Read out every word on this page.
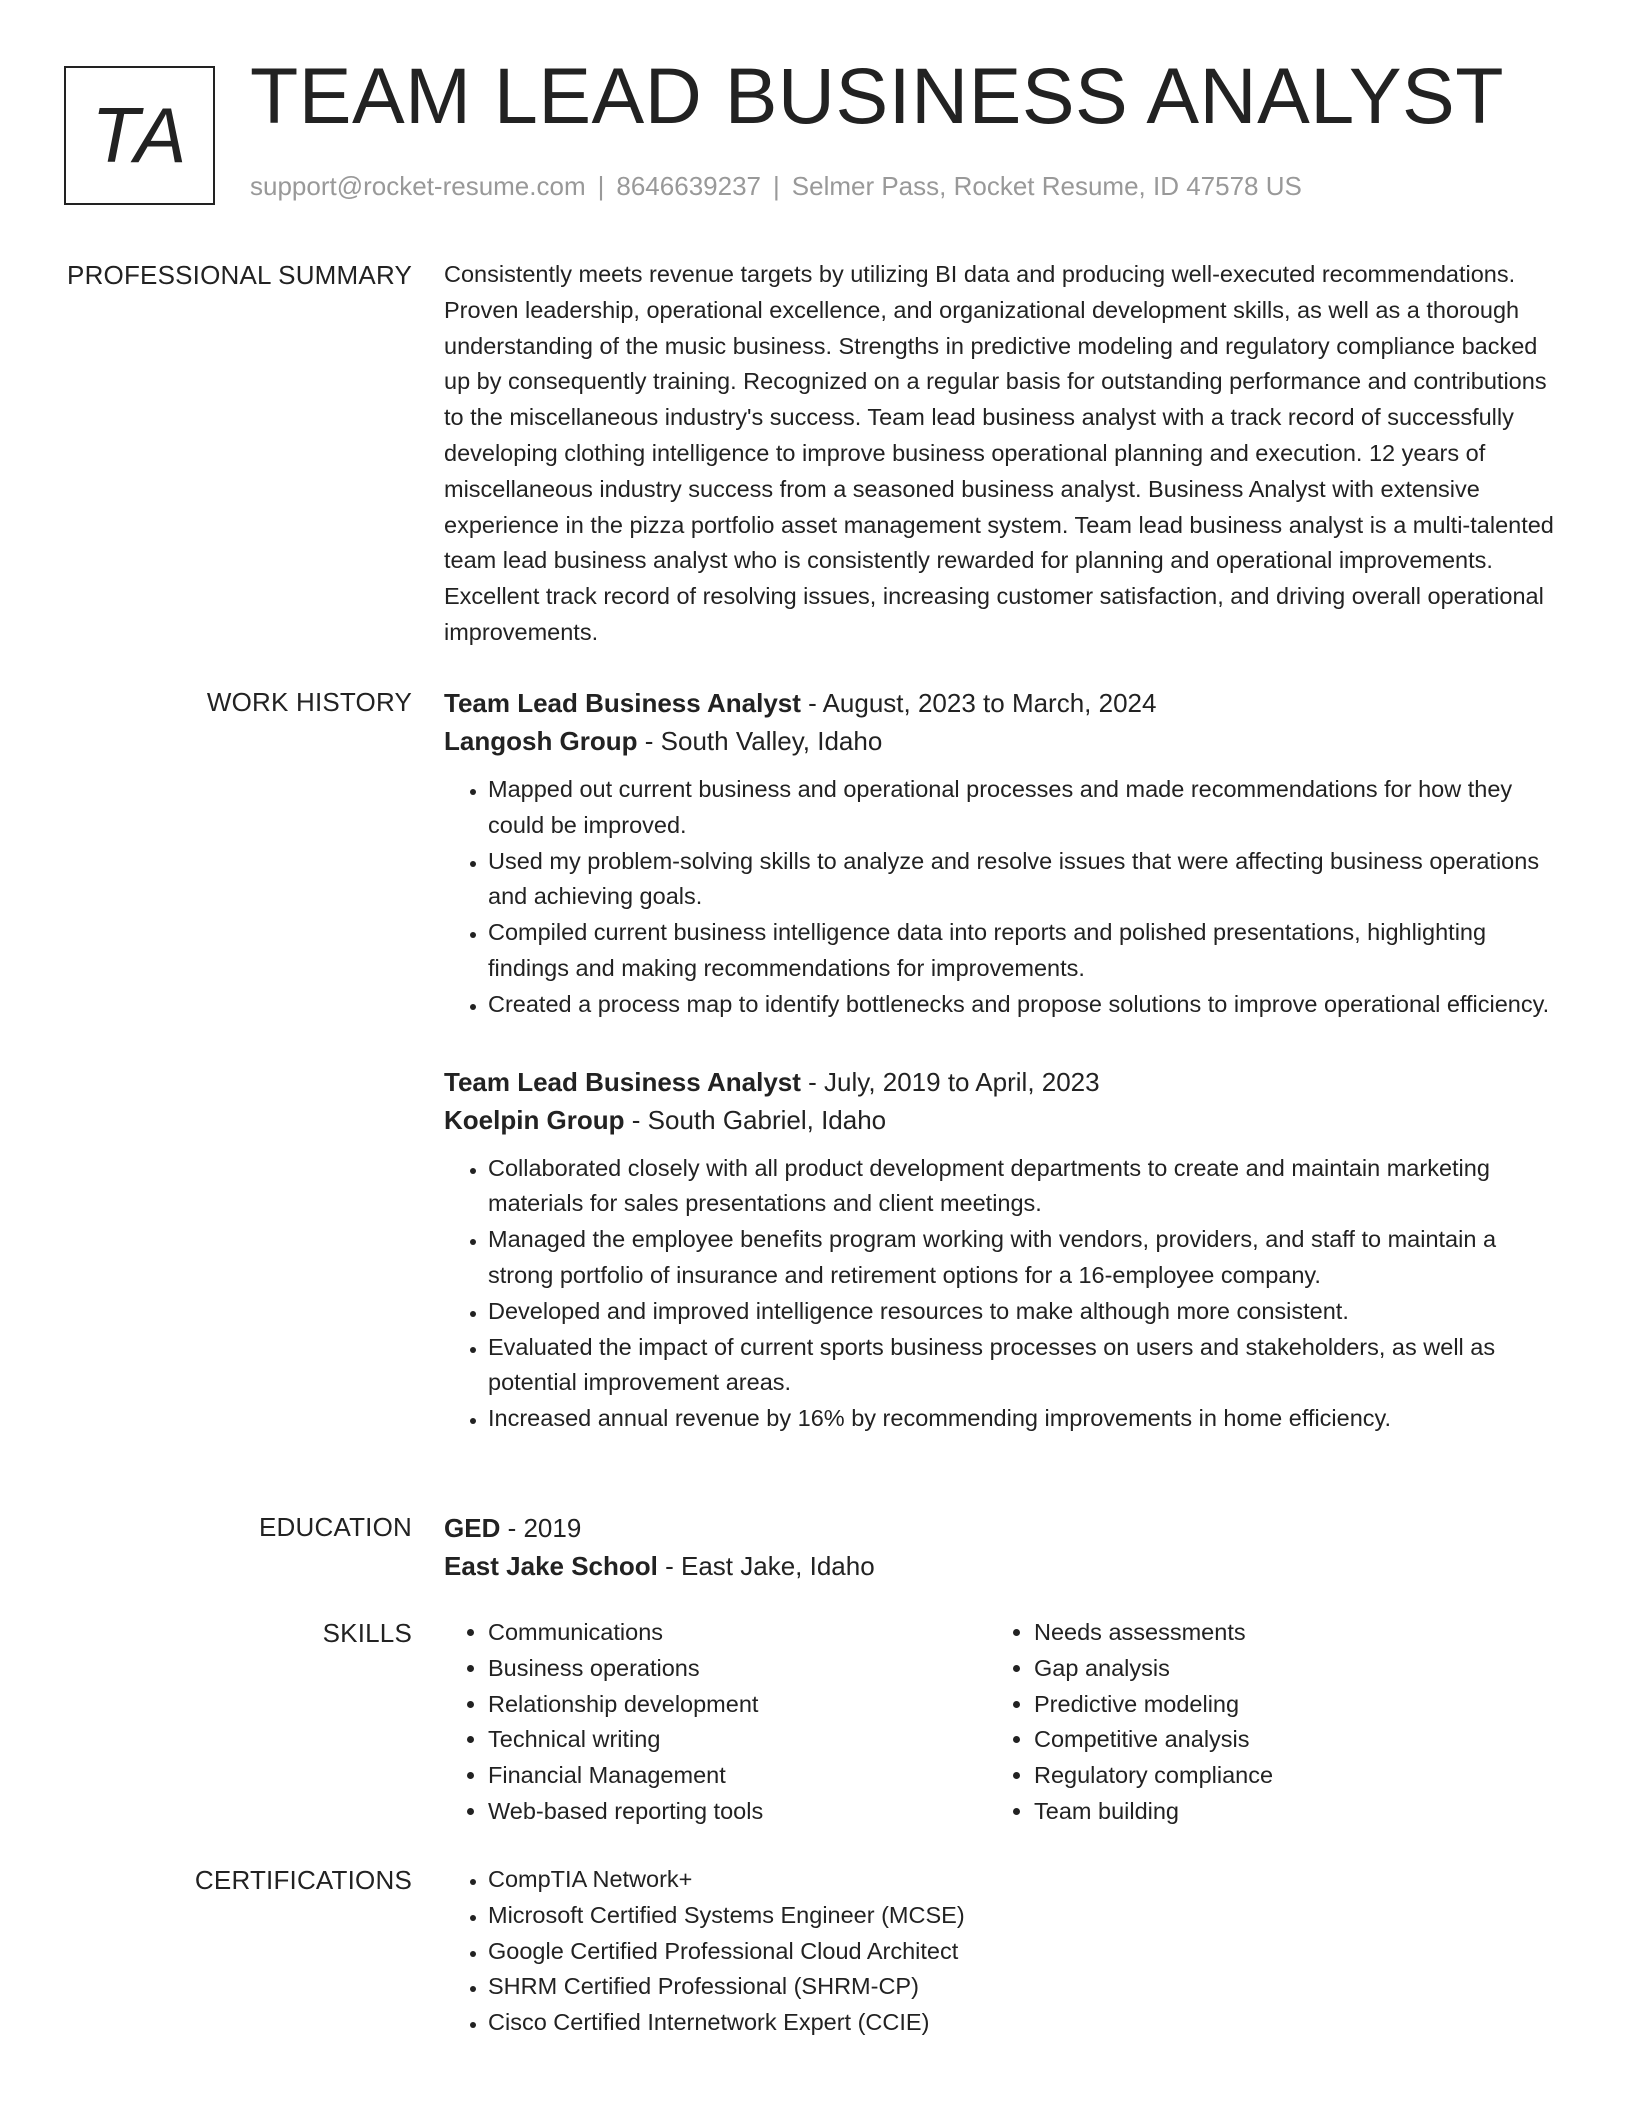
TA TEAM LEAD BUSINESS ANALYST
support@rocket-resume.com | 8646639237 | Selmer Pass, Rocket Resume, ID 47578 US
PROFESSIONAL SUMMARY Consistently meets revenue targets by utilizing BI data and producing well-executed recommendations. Proven leadership, operational excellence, and organizational development skills, as well as a thorough understanding of the music business. Strengths in predictive modeling and regulatory compliance backed up by consequently training. Recognized on a regular basis for outstanding performance and contributions to the miscellaneous industry's success. Team lead business analyst with a track record of successfully developing clothing intelligence to improve business operational planning and execution. 12 years of miscellaneous industry success from a seasoned business analyst. Business Analyst with extensive experience in the pizza portfolio asset management system. Team lead business analyst is a multi-talented team lead business analyst who is consistently rewarded for planning and operational improvements. Excellent track record of resolving issues, increasing customer satisfaction, and driving overall operational improvements.

WORK HISTORY Team Lead Business Analyst - August, 2023 to March, 2024
Langosh Group - South Valley, Idaho
• Mapped out current business and operational processes and made recommendations for how they could be improved.
• Used my problem-solving skills to analyze and resolve issues that were affecting business operations and achieving goals.
• Compiled current business intelligence data into reports and polished presentations, highlighting findings and making recommendations for improvements.
• Created a process map to identify bottlenecks and propose solutions to improve operational efficiency.
Team Lead Business Analyst - July, 2019 to April, 2023
Koelpin Group - South Gabriel, Idaho
• Collaborated closely with all product development departments to create and maintain marketing materials for sales presentations and client meetings.
• Managed the employee benefits program working with vendors, providers, and staff to maintain a strong portfolio of insurance and retirement options for a 16-employee company.
• Developed and improved intelligence resources to make although more consistent.
• Evaluated the impact of current sports business processes on users and stakeholders, as well as potential improvement areas.
• Increased annual revenue by 16% by recommending improvements in home efficiency.
EDUCATION GED - 2019
East Jake School - East Jake, Idaho
SKILLS	• Communications
• Business operations
• Relationship development
• Technical writing
• Financial Management
• Web-based reporting tools
• Needs assessments
• Gap analysis
• Predictive modeling
• Competitive analysis
• Regulatory compliance
• Team building
CERTIFICATIONS	• CompTIA Network+
• Microsoft Certified Systems Engineer (MCSE)
• Google Certified Professional Cloud Architect
• SHRM Certified Professional (SHRM-CP)
• Cisco Certified Internetwork Expert (CCIE)
